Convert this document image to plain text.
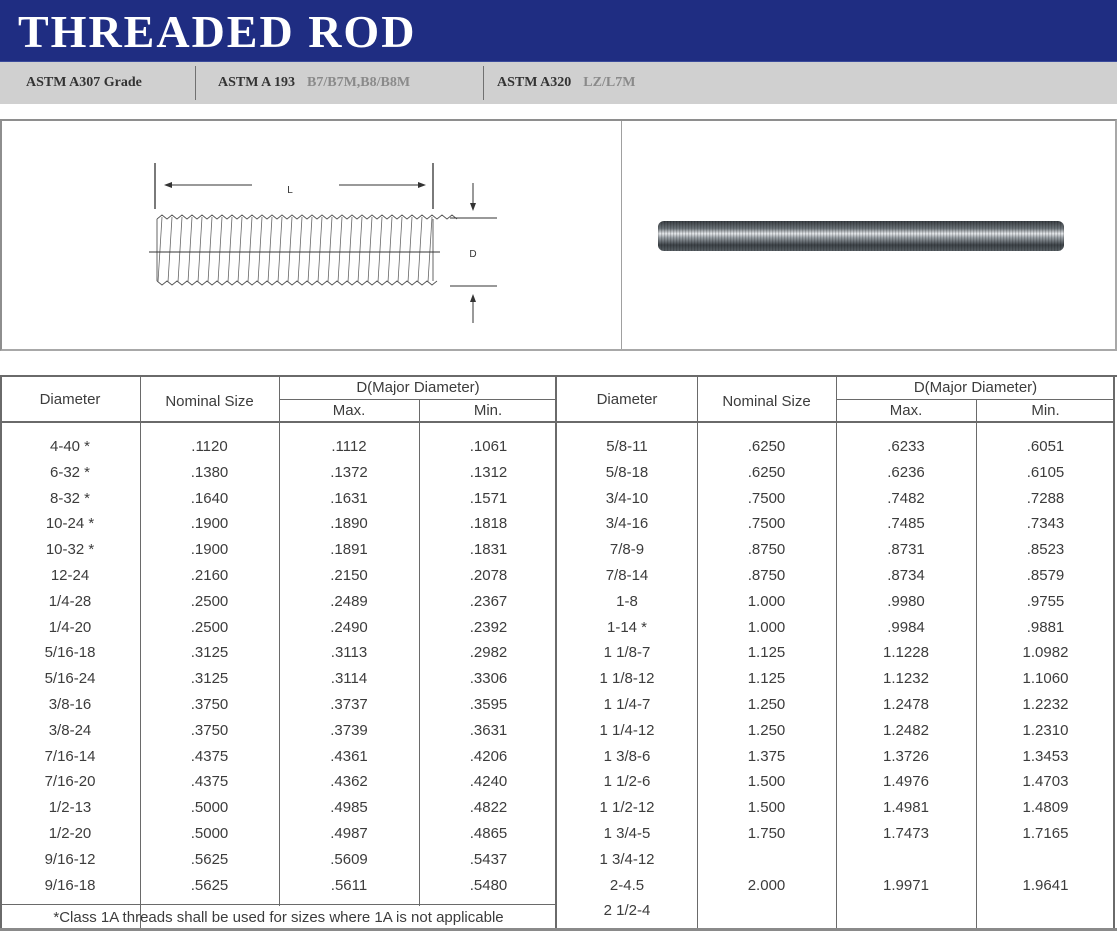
THREADED ROD
ASTM A307 Grade	ASTM A 193 B7/B7M,B8/B8M	ASTM A320 LZ/L7M
L
D
Diameter	Nominal Size
D(Major Diameter)
Max.	Min.
Diameter	Nominal Size
D(Major Diameter)
Max.	Min.
4-40 *	.1120	.1112	.1061
6-32 *	.1380	.1372	.1312
8-32 *	.1640	.1631	.1571
10-24 *	.1900	.1890	.1818
10-32 *	.1900	.1891	.1831
12-24	.2160	.2150	.2078
1/4-28	.2500	.2489	.2367
1/4-20	.2500	.2490	.2392
5/16-18	.3125	.3113	.2982
5/16-24	.3125	.3114	.3306
3/8-16	.3750	.3737	.3595
3/8-24	.3750	.3739	.3631
7/16-14	.4375	.4361	.4206
7/16-20	.4375	.4362	.4240
1/2-13	.5000	.4985	.4822
1/2-20	.5000	.4987	.4865
9/16-12	.5625	.5609	.5437
9/16-18	.5625	.5611	.5480
5/8-11	.6250	.6233	.6051
5/8-18	.6250	.6236	.6105
3/4-10	.7500	.7482	.7288
3/4-16	.7500	.7485	.7343
7/8-9	.8750	.8731	.8523
7/8-14	.8750	.8734	.8579
1-8	1.000	.9980	.9755
1-14 *	1.000	.9984	.9881
1 1/8-7	1.125	1.1228	1.0982
1 1/8-12	1.125	1.1232	1.1060
1 1/4-7	1.250	1.2478	1.2232
1 1/4-12	1.250	1.2482	1.2310
1 3/8-6	1.375	1.3726	1.3453
1 1/2-6	1.500	1.4976	1.4703
1 1/2-12	1.500	1.4981	1.4809
1 3/4-5	1.750	1.7473	1.7165
1 3/4-12
2-4.5	2.000	1.9971	1.9641
2 1/2-4
*Class 1A threads shall be used for sizes where 1A is not applicable
